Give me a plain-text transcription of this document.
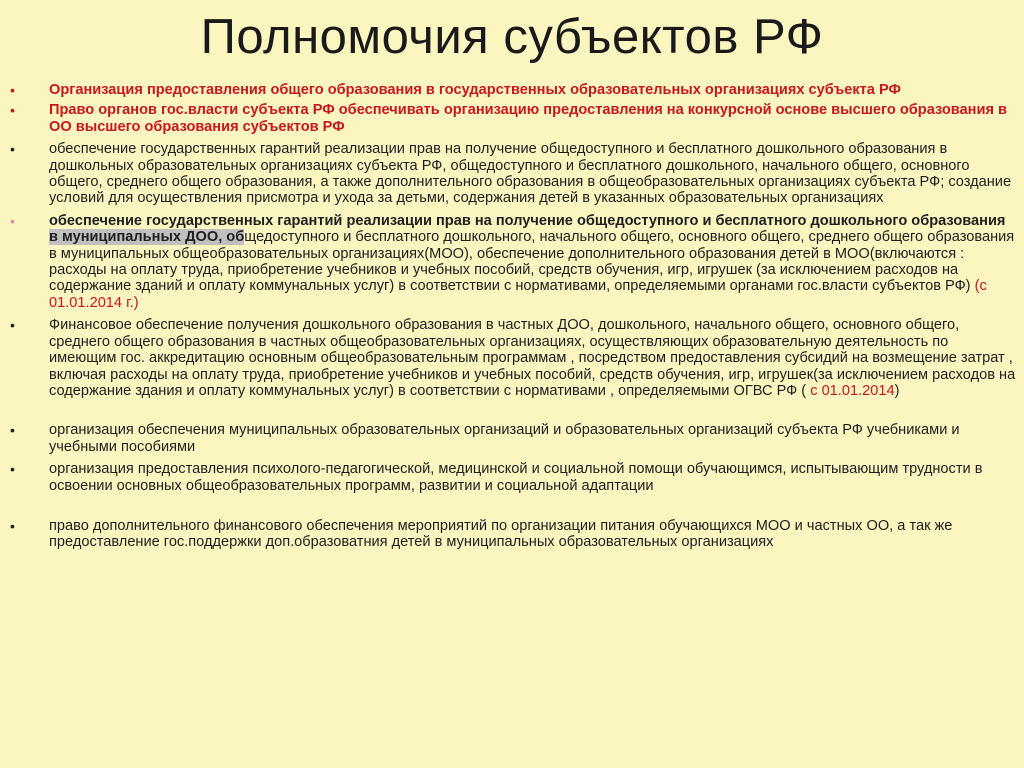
Полномочия субъектов РФ
•	Организация предоставления общего образования в государственных образовательных организациях субъекта РФ
•	Право органов гос.власти субъекта РФ обеспечивать организацию предоставления на конкурсной основе высшего образования в ОО высшего образования субъектов РФ
•	обеспечение государственных гарантий реализации прав на получение общедоступного и бесплатного дошкольного образования в дошкольных образовательных организациях субъекта РФ, общедоступного и бесплатного дошкольного, начального общего, основного общего, среднего общего образования, а также дополнительного образования в общеобразовательных организациях субъекта РФ; создание условий для осуществления присмотра и ухода за детьми, содержания детей в указанных образовательных организациях
•	обеспечение государственных гарантий реализации прав на получение общедоступного и бесплатного дошкольного образования в муниципальных ДОО, общедоступного и бесплатного дошкольного, начального общего, основного общего, среднего общего образования в муниципальных общеобразовательных организациях(МОО), обеспечение дополнительного образования детей в МОО(включаются : расходы на оплату труда, приобретение учебников и учебных пособий, средств обучения, игр, игрушек (за исключением расходов на содержание зданий и оплату коммунальных услуг) в соответствии с нормативами, определяемыми органами гос.власти субъектов РФ) (с 01.01.2014 г.)
•	Финансовое обеспечение получения дошкольного образования в частных ДОО, дошкольного, начального общего, основного общего, среднего общего образования в частных общеобразовательных организациях, осуществляющих образовательную деятельность по имеющим гос. аккредитацию основным общеобразовательным программам , посредством предоставления субсидий на возмещение затрат , включая расходы на оплату труда, приобретение учебников и учебных пособий, средств обучения, игр, игрушек(за исключением расходов на содержание здания и оплату коммунальных услуг) в соответствии с нормативами , определяемыми ОГВС РФ ( с 01.01.2014)
•	организация обеспечения муниципальных образовательных организаций и образовательных организаций субъекта РФ учебниками и учебными пособиями
•	организация предоставления психолого-педагогической, медицинской и социальной помощи обучающимся, испытывающим трудности в освоении основных общеобразовательных программ, развитии и социальной адаптации
•	право дополнительного финансового обеспечения мероприятий по организации питания обучающихся МОО и частных ОО, а так же предоставление гос.поддержки доп.образоватния детей в муниципальных образовательных организациях
